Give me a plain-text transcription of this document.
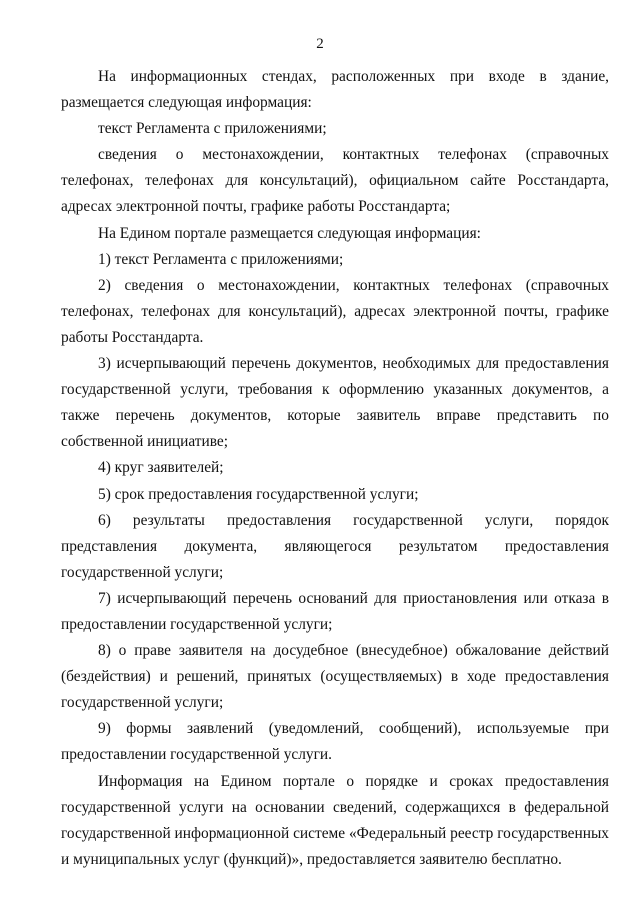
2

На информационных стендах, расположенных при входе в здание, размещается следующая информация:

текст Регламента с приложениями;

сведения о местонахождении, контактных телефонах (справочных телефонах, телефонах для консультаций), официальном сайте Росстандарта, адресах электронной почты, графике работы Росстандарта;

На Едином портале размещается следующая информация:

1) текст Регламента с приложениями;

2) сведения о местонахождении, контактных телефонах (справочных телефонах, телефонах для консультаций), адресах электронной почты, графике работы Росстандарта.

3) исчерпывающий перечень документов, необходимых для предоставления государственной услуги, требования к оформлению указанных документов, а также перечень документов, которые заявитель вправе представить по собственной инициативе;

4) круг заявителей;

5) срок предоставления государственной услуги;

6) результаты предоставления государственной услуги, порядок представления документа, являющегося результатом предоставления государственной услуги;

7) исчерпывающий перечень оснований для приостановления или отказа в предоставлении государственной услуги;

8) о праве заявителя на досудебное (внесудебное) обжалование действий (бездействия) и решений, принятых (осуществляемых) в ходе предоставления государственной услуги;

9) формы заявлений (уведомлений, сообщений), используемые при предоставлении государственной услуги.

Информация на Едином портале о порядке и сроках предоставления государственной услуги на основании сведений, содержащихся в федеральной государственной информационной системе «Федеральный реестр государственных и муниципальных услуг (функций)», предоставляется заявителю бесплатно.
